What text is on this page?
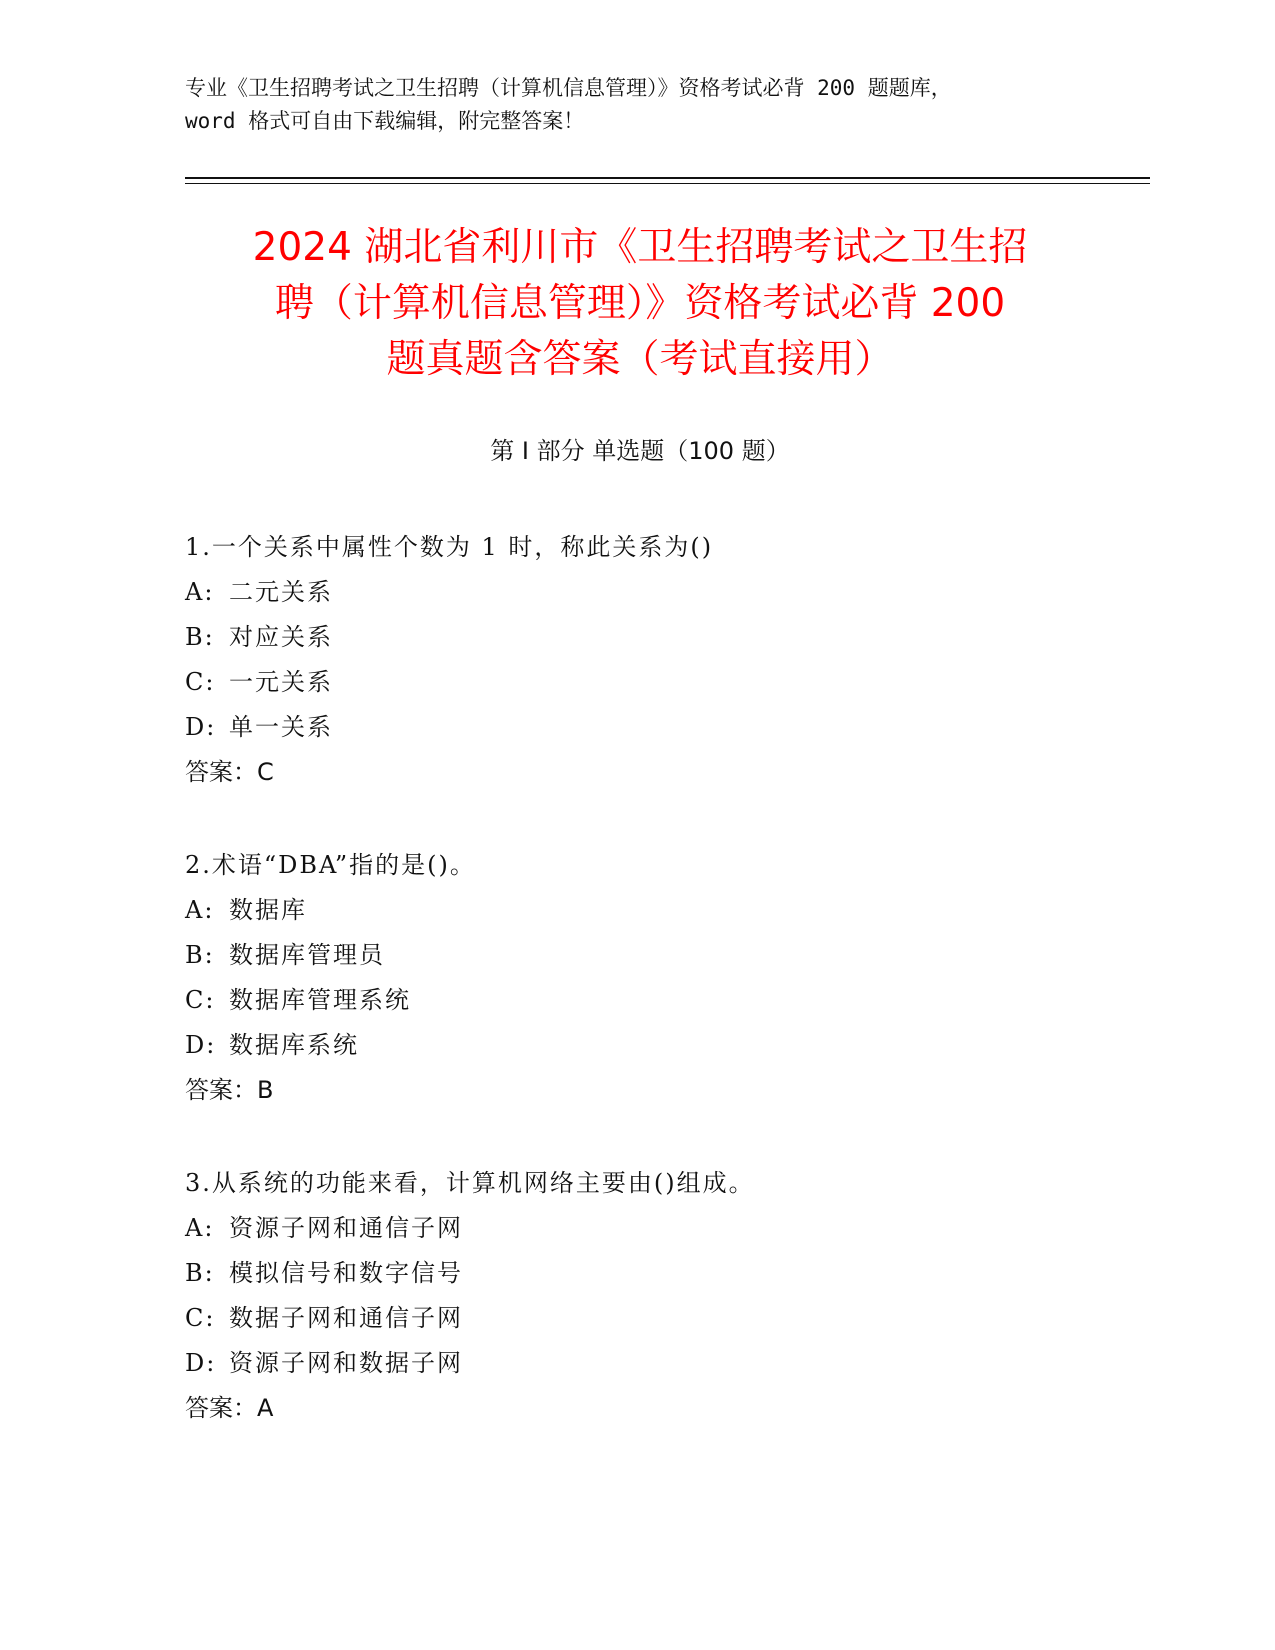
专业《卫生招聘考试之卫生招聘（计算机信息管理）》资格考试必背 200 题题库，
word 格式可自由下载编辑，附完整答案！
2024 湖北省利川市《卫生招聘考试之卫生招
聘（计算机信息管理）》资格考试必背 200
题真题含答案（考试直接用）
第 I 部分 单选题（100 题）
1.一个关系中属性个数为 1 时，称此关系为()
A: 二元关系
B: 对应关系
C: 一元关系
D: 单一关系
答案：C
2.术语“DBA”指的是()。
A: 数据库
B: 数据库管理员
C: 数据库管理系统
D: 数据库系统
答案：B
3.从系统的功能来看，计算机网络主要由()组成。
A: 资源子网和通信子网
B: 模拟信号和数字信号
C: 数据子网和通信子网
D: 资源子网和数据子网
答案：A
